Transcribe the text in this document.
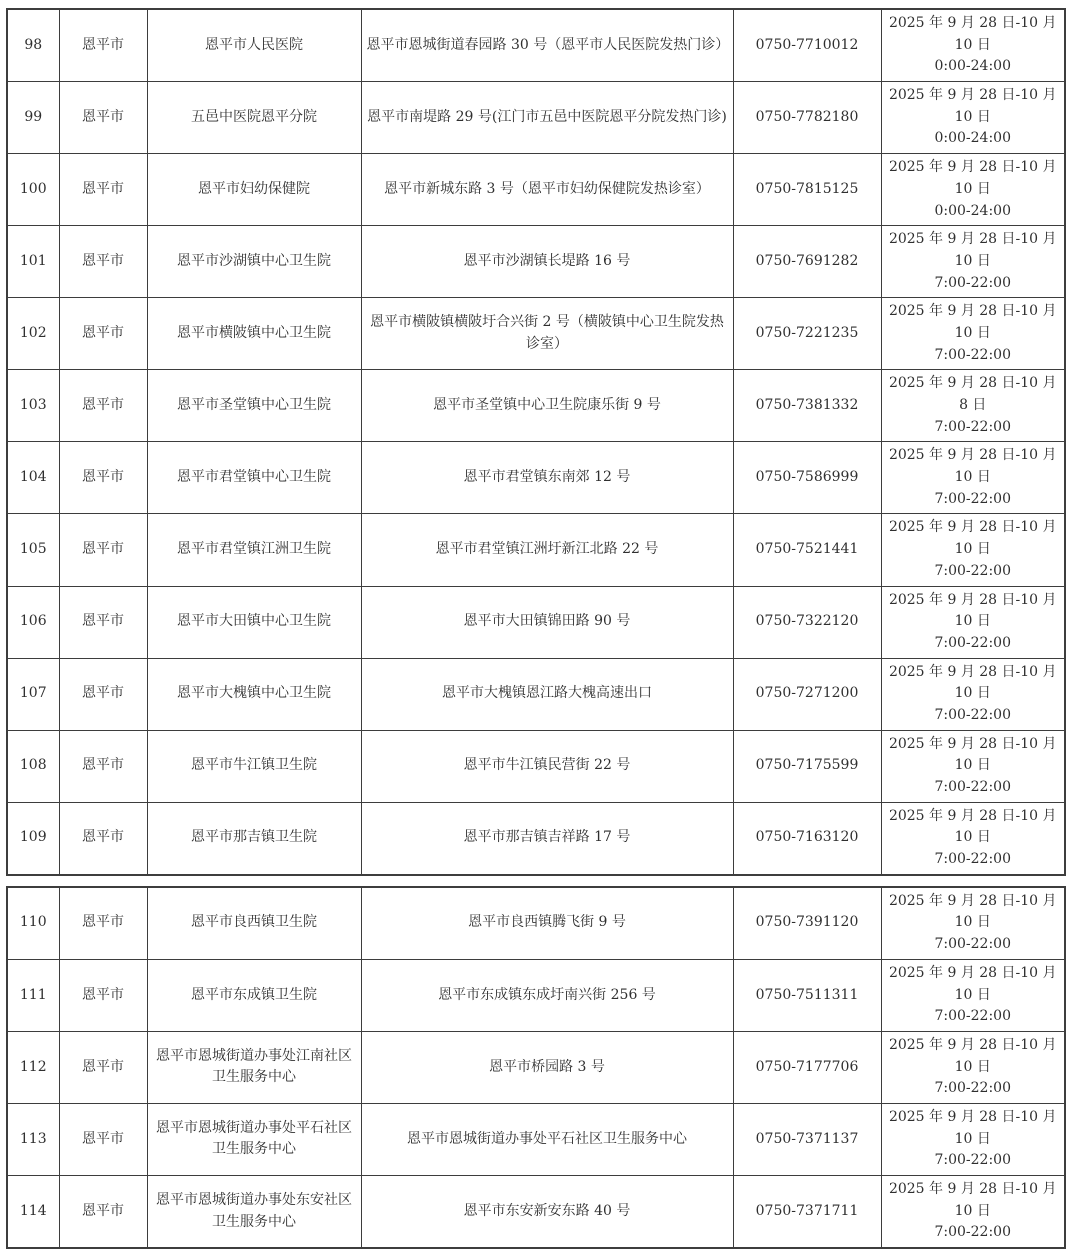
98	恩平市	恩平市人民医院	恩平市恩城街道春园路 30 号（恩平市人民医院发热门诊）	0750-7710012	2025 年 9 月 28 日-10 月 10 日
0:00-24:00

99	恩平市	五邑中医院恩平分院	恩平市南堤路 29 号(江门市五邑中医院恩平分院发热门诊)	0750-7782180	2025 年 9 月 28 日-10 月 10 日
0:00-24:00

100	恩平市	恩平市妇幼保健院	恩平市新城东路 3 号（恩平市妇幼保健院发热诊室）	0750-7815125	2025 年 9 月 28 日-10 月 10 日
0:00-24:00

101	恩平市	恩平市沙湖镇中心卫生院	恩平市沙湖镇长堤路 16 号	0750-7691282	2025 年 9 月 28 日-10 月 10 日
7:00-22:00

102	恩平市	恩平市横陂镇中心卫生院	恩平市横陂镇横陂圩合兴街 2 号（横陂镇中心卫生院发热诊室）	0750-7221235	2025 年 9 月 28 日-10 月 10 日
7:00-22:00

103	恩平市	恩平市圣堂镇中心卫生院	恩平市圣堂镇中心卫生院康乐街 9 号	0750-7381332	2025 年 9 月 28 日-10 月 8 日
7:00-22:00

104	恩平市	恩平市君堂镇中心卫生院	恩平市君堂镇东南郊 12 号	0750-7586999	2025 年 9 月 28 日-10 月 10 日
7:00-22:00

105	恩平市	恩平市君堂镇江洲卫生院	恩平市君堂镇江洲圩新江北路 22 号	0750-7521441	2025 年 9 月 28 日-10 月 10 日
7:00-22:00

106	恩平市	恩平市大田镇中心卫生院	恩平市大田镇锦田路 90 号	0750-7322120	2025 年 9 月 28 日-10 月 10 日
7:00-22:00

107	恩平市	恩平市大槐镇中心卫生院	恩平市大槐镇恩江路大槐高速出口	0750-7271200	2025 年 9 月 28 日-10 月 10 日
7:00-22:00

108	恩平市	恩平市牛江镇卫生院	恩平市牛江镇民营街 22 号	0750-7175599	2025 年 9 月 28 日-10 月 10 日
7:00-22:00

109	恩平市	恩平市那吉镇卫生院	恩平市那吉镇吉祥路 17 号	0750-7163120	2025 年 9 月 28 日-10 月 10 日
7:00-22:00
110	恩平市	恩平市良西镇卫生院	恩平市良西镇腾飞街 9 号	0750-7391120	2025 年 9 月 28 日-10 月 10 日
7:00-22:00

111	恩平市	恩平市东成镇卫生院	恩平市东成镇东成圩南兴街 256 号	0750-7511311	2025 年 9 月 28 日-10 月 10 日
7:00-22:00

112	恩平市	恩平市恩城街道办事处江南社区卫生服务中心	恩平市桥园路 3 号	0750-7177706	2025 年 9 月 28 日-10 月 10 日
7:00-22:00

113	恩平市	恩平市恩城街道办事处平石社区卫生服务中心	恩平市恩城街道办事处平石社区卫生服务中心	0750-7371137	2025 年 9 月 28 日-10 月 10 日
7:00-22:00

114	恩平市	恩平市恩城街道办事处东安社区卫生服务中心	恩平市东安新安东路 40 号	0750-7371711	2025 年 9 月 28 日-10 月 10 日
7:00-22:00
